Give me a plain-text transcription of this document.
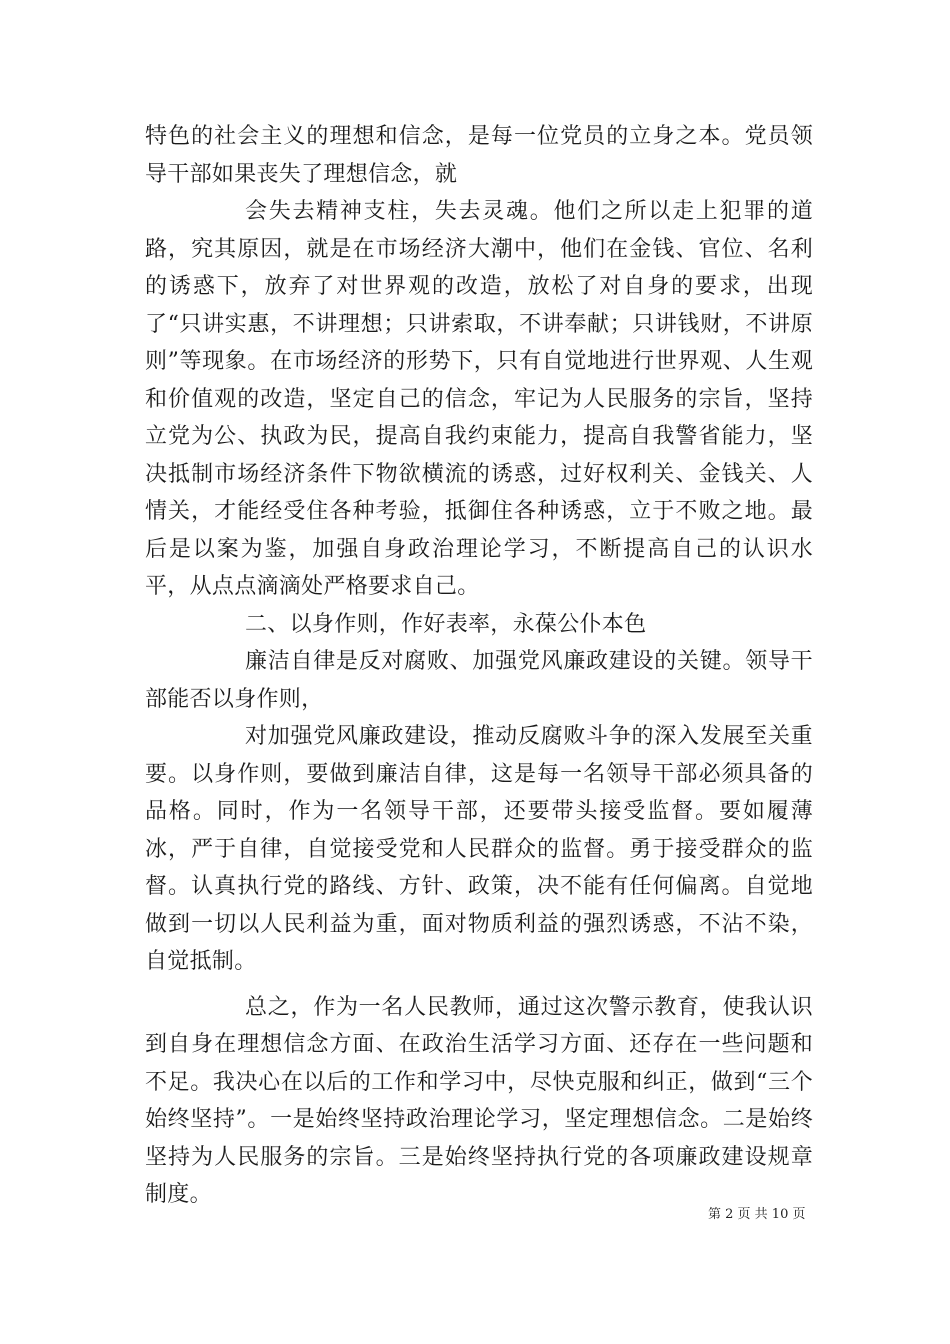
特色的社会主义的理想和信念，是每一位党员的立身之本。党员领导干部如果丧失了理想信念，就

会失去精神支柱，失去灵魂。他们之所以走上犯罪的道路，究其原因，就是在市场经济大潮中，他们在金钱、官位、名利的诱惑下，放弃了对世界观的改造，放松了对自身的要求，出现了“只讲实惠，不讲理想；只讲索取，不讲奉献；只讲钱财，不讲原则”等现象。在市场经济的形势下，只有自觉地进行世界观、人生观和价值观的改造，坚定自己的信念，牢记为人民服务的宗旨，坚持立党为公、执政为民，提高自我约束能力，提高自我警省能力，坚决抵制市场经济条件下物欲横流的诱惑，过好权利关、金钱关、人情关，才能经受住各种考验，抵御住各种诱惑，立于不败之地。最后是以案为鉴，加强自身政治理论学习，不断提高自己的认识水平，从点点滴滴处严格要求自己。

二、以身作则，作好表率，永葆公仆本色

廉洁自律是反对腐败、加强党风廉政建设的关键。领导干部能否以身作则，

对加强党风廉政建设，推动反腐败斗争的深入发展至关重要。以身作则，要做到廉洁自律，这是每一名领导干部必须具备的品格。同时，作为一名领导干部，还要带头接受监督。要如履薄冰，严于自律，自觉接受党和人民群众的监督。勇于接受群众的监督。认真执行党的路线、方针、政策，决不能有任何偏离。自觉地做到一切以人民利益为重，面对物质利益的强烈诱惑，不沾不染，自觉抵制。

总之，作为一名人民教师，通过这次警示教育，使我认识到自身在理想信念方面、在政治生活学习方面、还存在一些问题和不足。我决心在以后的工作和学习中，尽快克服和纠正，做到“三个始终坚持”。一是始终坚持政治理论学习，坚定理想信念。二是始终坚持为人民服务的宗旨。三是始终坚持执行党的各项廉政建设规章制度。

第 2 页 共 10 页
